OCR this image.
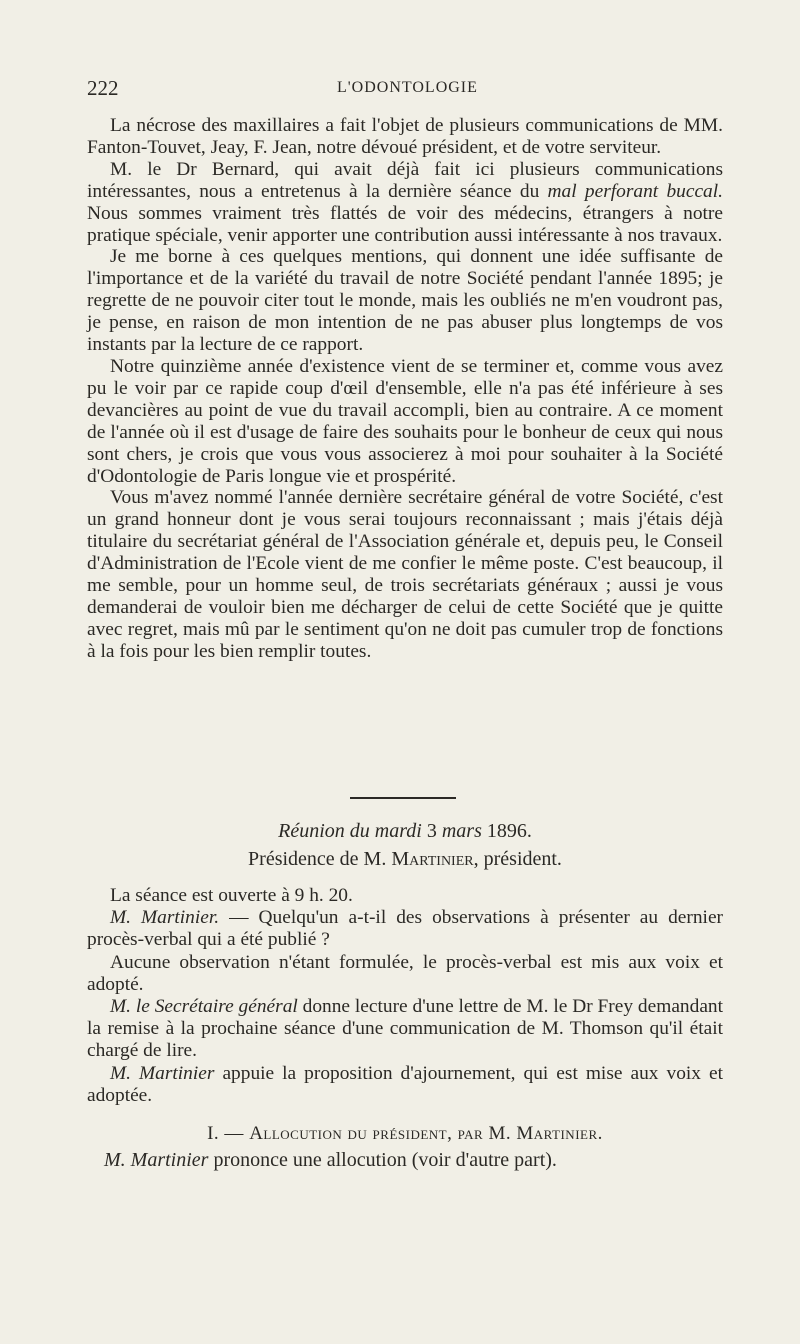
222	L'ODONTOLOGIE

La nécrose des maxillaires a fait l'objet de plusieurs communications de MM. Fanton-Touvet, Jeay, F. Jean, notre dévoué président, et de votre serviteur.

M. le Dr Bernard, qui avait déjà fait ici plusieurs communications intéressantes, nous a entretenus à la dernière séance du mal perforant buccal. Nous sommes vraiment très flattés de voir des médecins, étrangers à notre pratique spéciale, venir apporter une contribution aussi intéressante à nos travaux.

Je me borne à ces quelques mentions, qui donnent une idée suffisante de l'importance et de la variété du travail de notre Société pendant l'année 1895; je regrette de ne pouvoir citer tout le monde, mais les oubliés ne m'en voudront pas, je pense, en raison de mon intention de ne pas abuser plus longtemps de vos instants par la lecture de ce rapport.

Notre quinzième année d'existence vient de se terminer et, comme vous avez pu le voir par ce rapide coup d'œil d'ensemble, elle n'a pas été inférieure à ses devancières au point de vue du travail accompli, bien au contraire. A ce moment de l'année où il est d'usage de faire des souhaits pour le bonheur de ceux qui nous sont chers, je crois que vous vous associerez à moi pour souhaiter à la Société d'Odontologie de Paris longue vie et prospérité.

Vous m'avez nommé l'année dernière secrétaire général de votre Société, c'est un grand honneur dont je vous serai toujours reconnaissant ; mais j'étais déjà titulaire du secrétariat général de l'Association générale et, depuis peu, le Conseil d'Administration de l'Ecole vient de me confier le même poste. C'est beaucoup, il me semble, pour un homme seul, de trois secrétariats généraux ; aussi je vous demanderai de vouloir bien me décharger de celui de cette Société que je quitte avec regret, mais mû par le sentiment qu'on ne doit pas cumuler trop de fonctions à la fois pour les bien remplir toutes.

Réunion du mardi 3 mars 1896.
Présidence de M. Martinier, président.

La séance est ouverte à 9 h. 20.

M. Martinier. — Quelqu'un a-t-il des observations à présenter au dernier procès-verbal qui a été publié ?

Aucune observation n'étant formulée, le procès-verbal est mis aux voix et adopté.

M. le Secrétaire général donne lecture d'une lettre de M. le Dr Frey demandant la remise à la prochaine séance d'une communication de M. Thomson qu'il était chargé de lire.

M. Martinier appuie la proposition d'ajournement, qui est mise aux voix et adoptée.

I. — Allocution du président, par M. Martinier.

M. Martinier prononce une allocution (voir d'autre part).
